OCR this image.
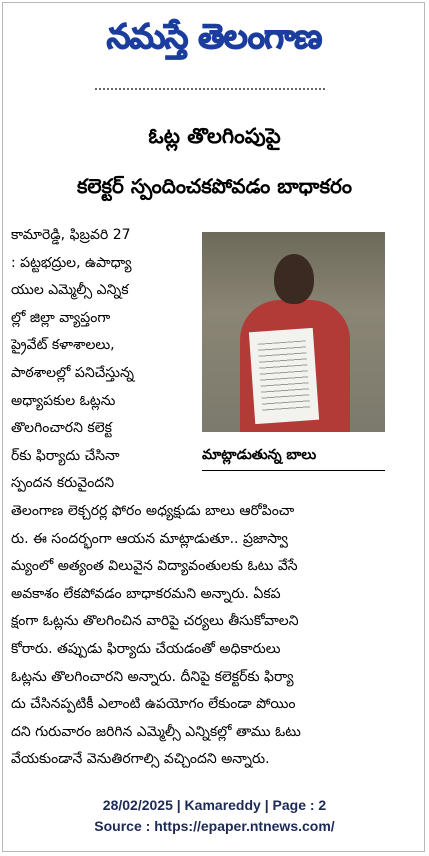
నమస్తే తెలంగాణ
ఓట్ల తొలగింపుపై
కలెక్టర్ స్పందించకపోవడం బాధాకరం
కామారెడ్డి, ఫిబ్రవరి 27
: పట్టభద్రుల, ఉపాధ్యా
యుల ఎమ్మెల్సీ ఎన్నిక
ల్లో జిల్లా వ్యాప్తంగా
ప్రైవేట్ కళాశాలలు,
పాఠశాలల్లో పనిచేస్తున్న
అధ్యాపకుల ఓట్లను
తొలగించారని కలెక్ట
ర్‌కు ఫిర్యాదు చేసినా
స్పందన కరువైందని
మాట్లాడుతున్న బాలు
తెలంగాణ లెక్చరర్ల ఫోరం అధ్యక్షుడు బాలు ఆరోపించా
రు. ఈ సందర్భంగా ఆయన మాట్లాడుతూ.. ప్రజాస్వా
మ్యంలో అత్యంత విలువైన విద్యావంతులకు ఓటు వేసే
అవకాశం లేకపోవడం బాధాకరమని అన్నారు. ఏకప
క్షంగా ఓట్లను తొలగించిన వారిపై చర్యలు తీసుకోవాలని
కోరారు. తప్పుడు ఫిర్యాదు చేయడంతో అధికారులు
ఓట్లను తొలగించారని అన్నారు. దీనిపై కలెక్టర్‌కు ఫిర్యా
దు చేసినప్పటికీ ఎలాంటి ఉపయోగం లేకుండా పోయిం
దని గురువారం జరిగిన ఎమ్మెల్సీ ఎన్నికల్లో తాము ఓటు
వేయకుండానే వెనుతిరగాల్సి వచ్చిందని అన్నారు.
28/02/2025 | Kamareddy | Page : 2
Source : https://epaper.ntnews.com/
